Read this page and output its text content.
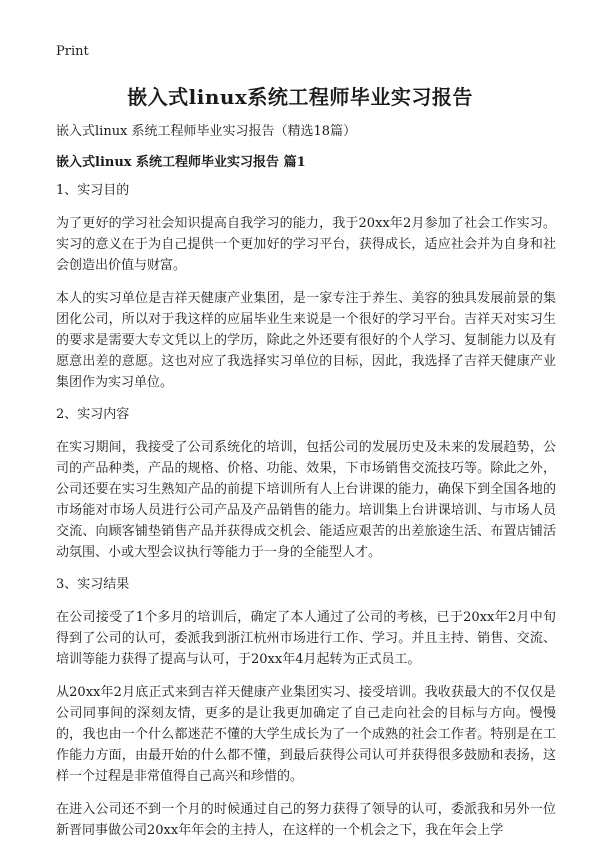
Print
嵌入式linux系统工程师毕业实习报告
嵌入式linux 系统工程师毕业实习报告（精选18篇）
嵌入式linux 系统工程师毕业实习报告 篇1
1、实习目的

为了更好的学习社会知识提高自我学习的能力，我于20xx年2月参加了社会工作实习。实习的意义在于为自己提供一个更加好的学习平台，获得成长，适应社会并为自身和社会创造出价值与财富。

本人的实习单位是吉祥天健康产业集团，是一家专注于养生、美容的独具发展前景的集团化公司，所以对于我这样的应届毕业生来说是一个很好的学习平台。吉祥天对实习生的要求是需要大专文凭以上的学历，除此之外还要有很好的个人学习、复制能力以及有愿意出差的意愿。这也对应了我选择实习单位的目标，因此，我选择了吉祥天健康产业集团作为实习单位。

2、实习内容

在实习期间，我接受了公司系统化的培训，包括公司的发展历史及未来的发展趋势，公司的产品种类，产品的规格、价格、功能、效果，下市场销售交流技巧等。除此之外，公司还要在实习生熟知产品的前提下培训所有人上台讲课的能力，确保下到全国各地的市场能对市场人员进行公司产品及产品销售的能力。培训集上台讲课培训、与市场人员交流、向顾客铺垫销售产品并获得成交机会、能适应艰苦的出差旅途生活、布置店铺活动氛围、小或大型会议执行等能力于一身的全能型人才。

3、实习结果

在公司接受了1个多月的培训后，确定了本人通过了公司的考核，已于20xx年2月中旬得到了公司的认可，委派我到浙江杭州市场进行工作、学习。并且主持、销售、交流、培训等能力获得了提高与认可，于20xx年4月起转为正式员工。

从20xx年2月底正式来到吉祥天健康产业集团实习、接受培训。我收获最大的不仅仅是公司同事间的深刻友情，更多的是让我更加确定了自己走向社会的目标与方向。慢慢的，我也由一个什么都迷茫不懂的大学生成长为了一个成熟的社会工作者。特别是在工作能力方面，由最开始的什么都不懂，到最后获得公司认可并获得很多鼓励和表扬，这样一个过程是非常值得自己高兴和珍惜的。

在进入公司还不到一个月的时候通过自己的努力获得了领导的认可，委派我和另外一位新晋同事做公司20xx年年会的主持人，在这样的一个机会之下，我在年会上学
